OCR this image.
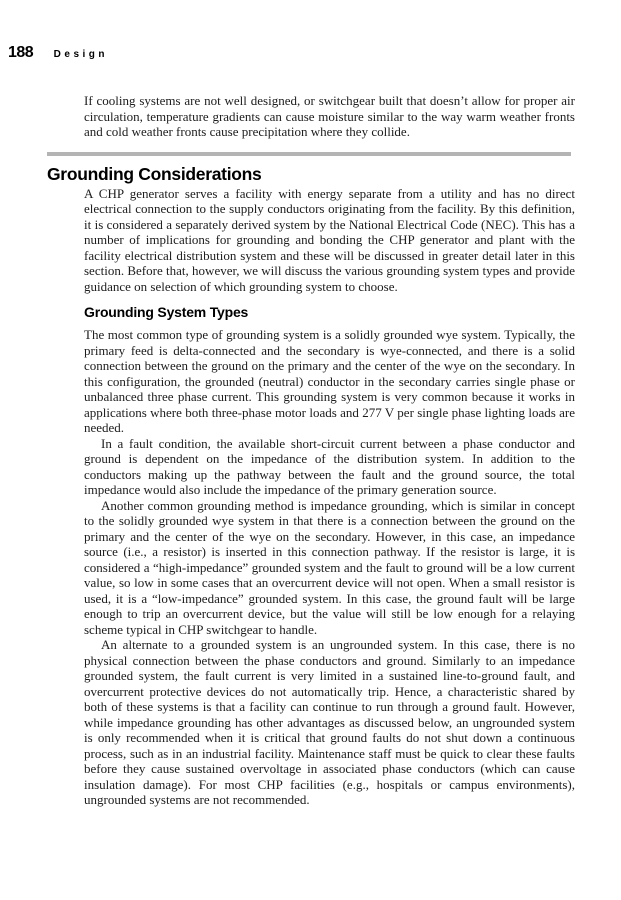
188 Design

If cooling systems are not well designed, or switchgear built that doesn’t allow for proper air circulation, temperature gradients can cause moisture similar to the way warm weather fronts and cold weather fronts cause precipitation where they collide.

Grounding Considerations

A CHP generator serves a facility with energy separate from a utility and has no direct electrical connection to the supply conductors originating from the facility. By this definition, it is considered a separately derived system by the National Electrical Code (NEC). This has a number of implications for grounding and bonding the CHP generator and plant with the facility electrical distribution system and these will be discussed in greater detail later in this section. Before that, however, we will discuss the various grounding system types and provide guidance on selection of which grounding system to choose.

Grounding System Types

The most common type of grounding system is a solidly grounded wye system. Typically, the primary feed is delta-connected and the secondary is wye-connected, and there is a solid connection between the ground on the primary and the center of the wye on the secondary. In this configuration, the grounded (neutral) conductor in the secondary carries single phase or unbalanced three phase current. This grounding system is very common because it works in applications where both three-phase motor loads and 277 V per single phase lighting loads are needed.

In a fault condition, the available short-circuit current between a phase conductor and ground is dependent on the impedance of the distribution system. In addition to the conductors making up the pathway between the fault and the ground source, the total impedance would also include the impedance of the primary generation source.

Another common grounding method is impedance grounding, which is similar in concept to the solidly grounded wye system in that there is a connection between the ground on the primary and the center of the wye on the secondary. However, in this case, an impedance source (i.e., a resistor) is inserted in this connection pathway. If the resistor is large, it is considered a “high-impedance” grounded system and the fault to ground will be a low current value, so low in some cases that an overcurrent device will not open. When a small resistor is used, it is a “low-impedance” grounded system. In this case, the ground fault will be large enough to trip an overcurrent device, but the value will still be low enough for a relaying scheme typical in CHP switchgear to handle.

An alternate to a grounded system is an ungrounded system. In this case, there is no physical connection between the phase conductors and ground. Similarly to an impedance grounded system, the fault current is very limited in a sustained line-to-ground fault, and overcurrent protective devices do not automatically trip. Hence, a characteristic shared by both of these systems is that a facility can continue to run through a ground fault. However, while impedance grounding has other advantages as discussed below, an ungrounded system is only recommended when it is critical that ground faults do not shut down a continuous process, such as in an industrial facility. Maintenance staff must be quick to clear these faults before they cause sustained overvoltage in associated phase conductors (which can cause insulation damage). For most CHP facilities (e.g., hospitals or campus environments), ungrounded systems are not recommended.
